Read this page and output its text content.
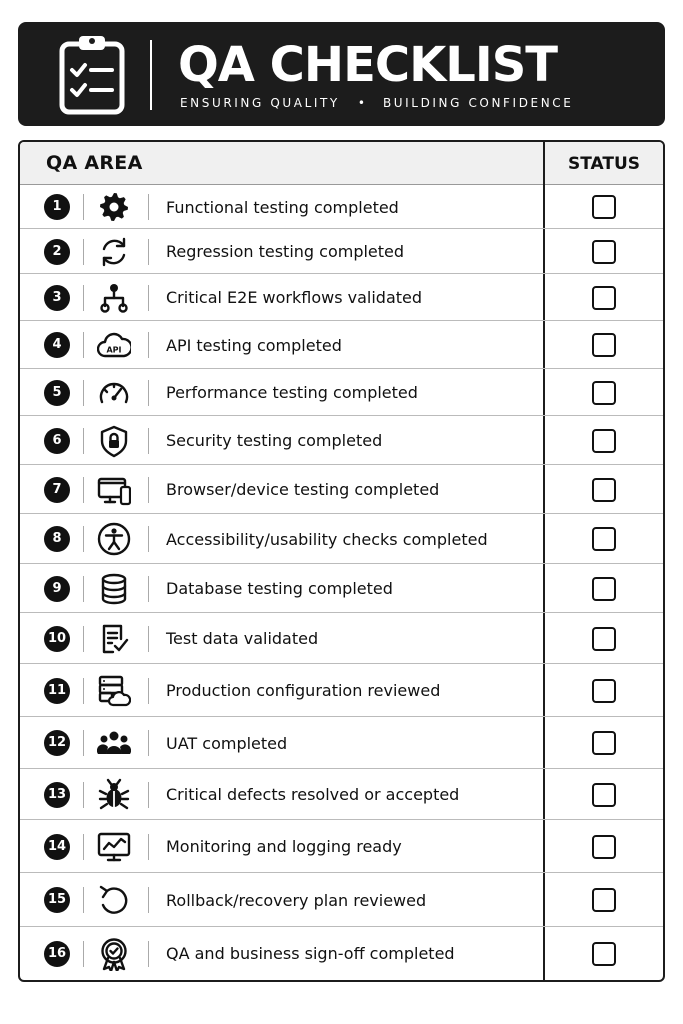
QA CHECKLIST
ENSURING QUALITY • BUILDING CONFIDENCE
QA AREA	STATUS
1	Functional testing completed
2	Regression testing completed
3	Critical E2E workflows validated
4	API	API testing completed
5	Performance testing completed
6	Security testing completed
7	Browser/device testing completed
8	Accessibility/usability checks completed
9	Database testing completed
10	Test data validated
11	Production configuration reviewed
12	UAT completed
13	Critical defects resolved or accepted
14	Monitoring and logging ready
15	Rollback/recovery plan reviewed
16	QA and business sign-off completed
